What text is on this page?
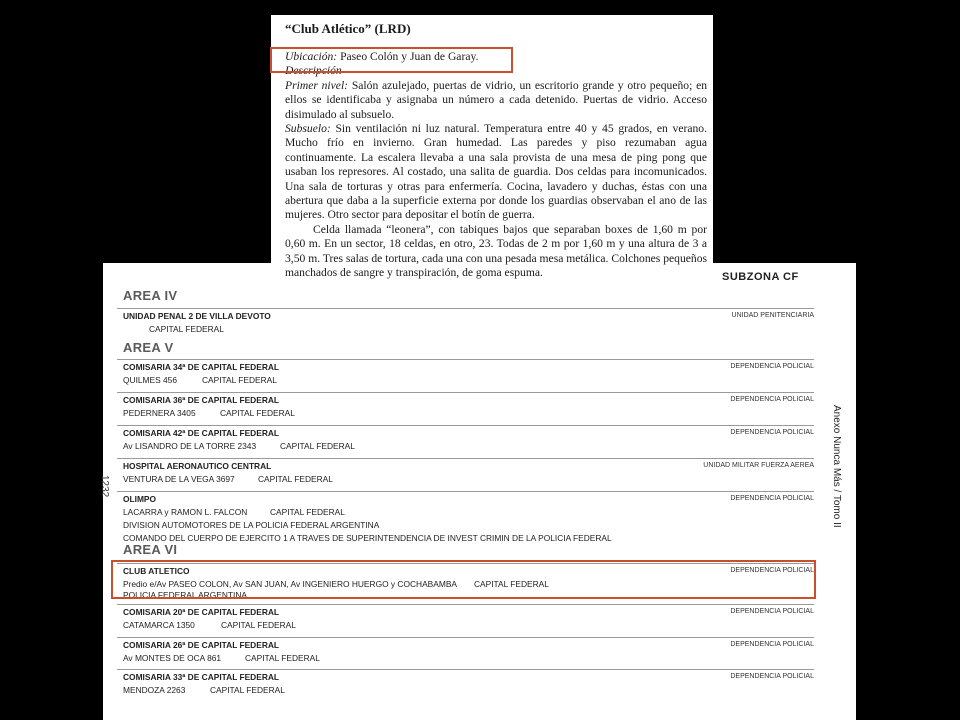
SUBZONA CF
Anexo Nunca Más / Tomo II
1232
AREA IV
UNIDAD PENAL 2 DE VILLA DEVOTO	UNIDAD PENITENCIARIA
CAPITAL FEDERAL
AREA V
COMISARIA 34ª DE CAPITAL FEDERAL	DEPENDENCIA POLICIAL
QUILMES 456	CAPITAL FEDERAL
COMISARIA 36ª DE CAPITAL FEDERAL	DEPENDENCIA POLICIAL
PEDERNERA 3405	CAPITAL FEDERAL
COMISARIA 42ª DE CAPITAL FEDERAL	DEPENDENCIA POLICIAL
Av LISANDRO DE LA TORRE 2343	CAPITAL FEDERAL
HOSPITAL AERONAUTICO CENTRAL	UNIDAD MILITAR FUERZA AEREA
VENTURA DE LA VEGA 3697	CAPITAL FEDERAL
OLIMPO	DEPENDENCIA POLICIAL
LACARRA y RAMON L. FALCON	CAPITAL FEDERAL
DIVISION AUTOMOTORES DE LA POLICIA FEDERAL ARGENTINA
COMANDO DEL CUERPO DE EJERCITO 1 A TRAVES DE SUPERINTENDENCIA DE INVEST CRIMIN DE LA POLICIA FEDERAL
AREA VI
CLUB ATLETICO	DEPENDENCIA POLICIAL
Predio e/Av PASEO COLON, Av SAN JUAN, Av INGENIERO HUERGO y COCHABAMBA CAPITAL FEDERAL
POLICIA FEDERAL ARGENTINA
COMISARIA 20ª DE CAPITAL FEDERAL	DEPENDENCIA POLICIAL
CATAMARCA 1350	CAPITAL FEDERAL
COMISARIA 26ª DE CAPITAL FEDERAL	DEPENDENCIA POLICIAL
Av MONTES DE OCA 861	CAPITAL FEDERAL
COMISARIA 33ª DE CAPITAL FEDERAL	DEPENDENCIA POLICIAL
MENDOZA 2263	CAPITAL FEDERAL
“Club Atlético” (LRD)

Ubicación: Paseo Colón y Juan de Garay.

Descripción

Primer nivel: Salón azulejado, puertas de vidrio, un escritorio grande y otro pequeño; en ellos se identificaba y asignaba un número a cada detenido. Puertas de vidrio. Acceso disimulado al subsuelo.

Subsuelo: Sin ventilación ni luz natural. Temperatura entre 40 y 45 grados, en verano. Mucho frío en invierno. Gran humedad. Las paredes y piso rezumaban agua continuamente. La escalera llevaba a una sala provista de una mesa de ping pong que usaban los represores. Al costado, una salita de guardia. Dos celdas para incomunicados. Una sala de torturas y otras para enfermería. Cocina, lavadero y duchas, éstas con una abertura que daba a la superficie externa por donde los guardias observaban el ano de las mujeres. Otro sector para depositar el botín de guerra.

Celda llamada “leonera”, con tabiques bajos que separaban boxes de 1,60 m por 0,60 m. En un sector, 18 celdas, en otro, 23. Todas de 2 m por 1,60 m y una altura de 3 a 3,50 m. Tres salas de tortura, cada una con una pesada mesa metálica. Colchones pequeños manchados de sangre y transpiración, de goma espuma.
